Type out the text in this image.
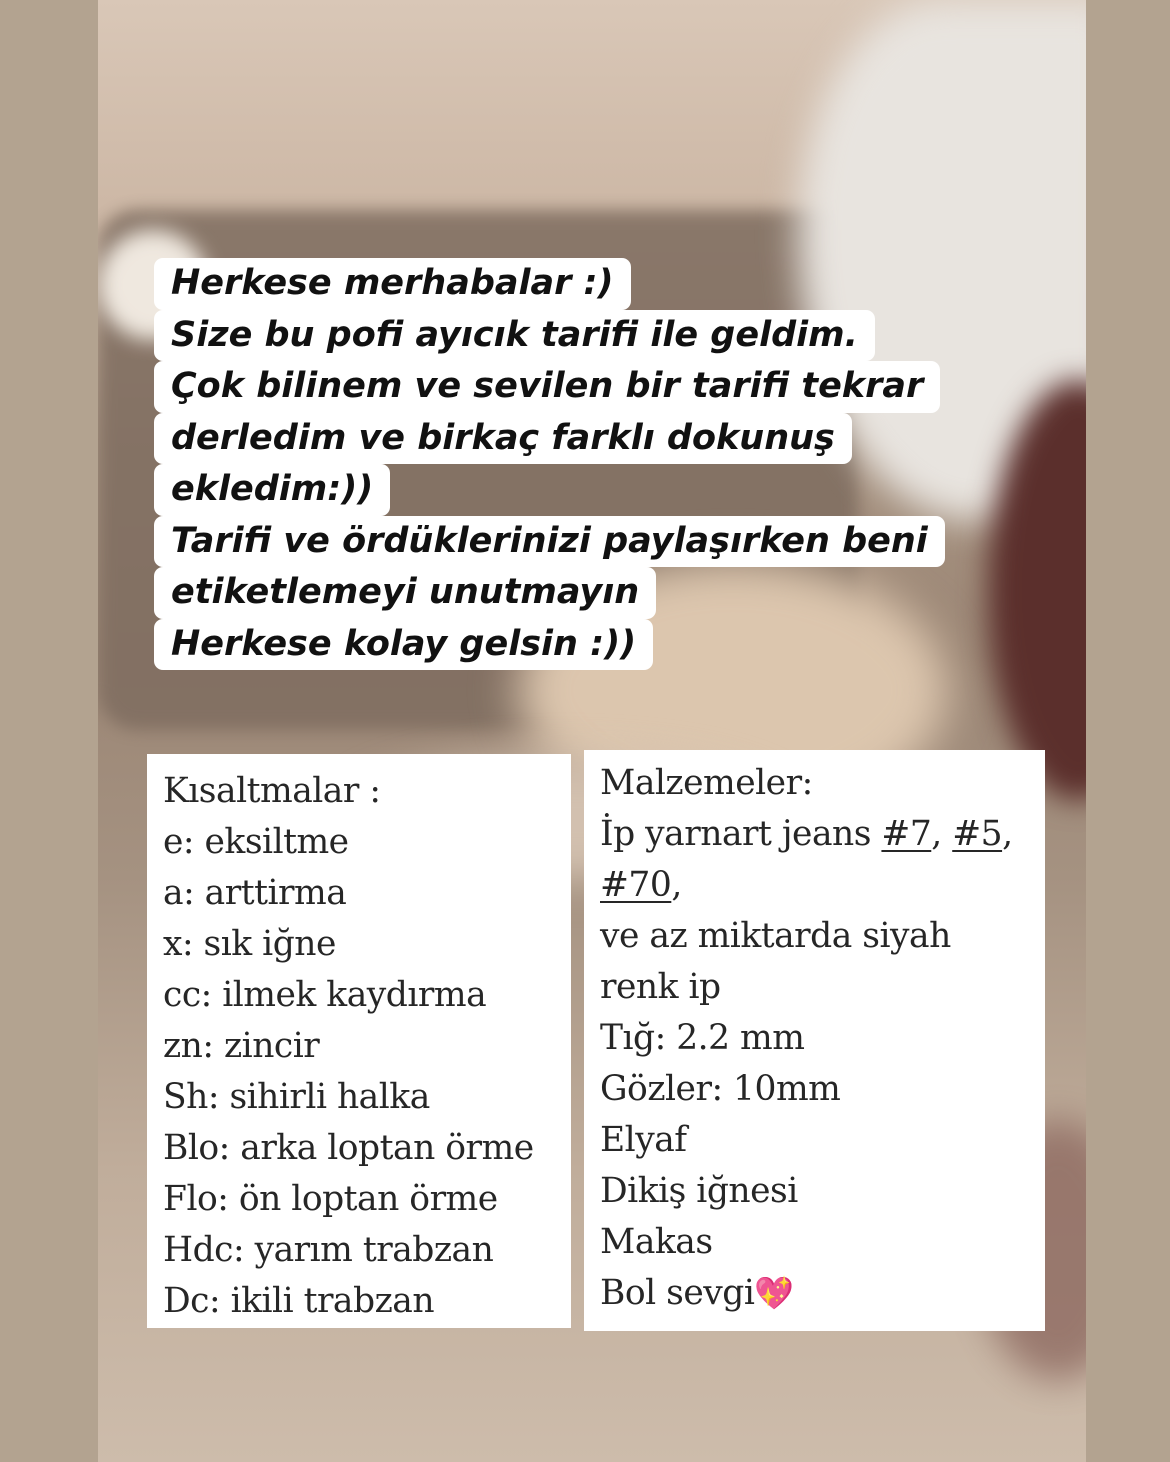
Herkese merhabalar :)
Size bu pofi ayıcık tarifi ile geldim.
Çok bilinem ve sevilen bir tarifi tekrar
derledim ve birkaç farklı dokunuş
ekledim:))
Tarifi ve ördüklerinizi paylaşırken beni
etiketlemeyi unutmayın
Herkese kolay gelsin :))
Kısaltmalar :
e: eksiltme
a: arttirma
x: sık iğne
cc: ilmek kaydırma
zn: zincir
Sh: sihirli halka
Blo: arka loptan örme
Flo: ön loptan örme
Hdc: yarım trabzan
Dc: ikili trabzan
Malzemeler:
İp yarnart jeans #7, #5,
#70,
ve az miktarda siyah
renk ip
Tığ: 2.2 mm
Gözler: 10mm
Elyaf
Dikiş iğnesi
Makas
Bol sevgi💖
